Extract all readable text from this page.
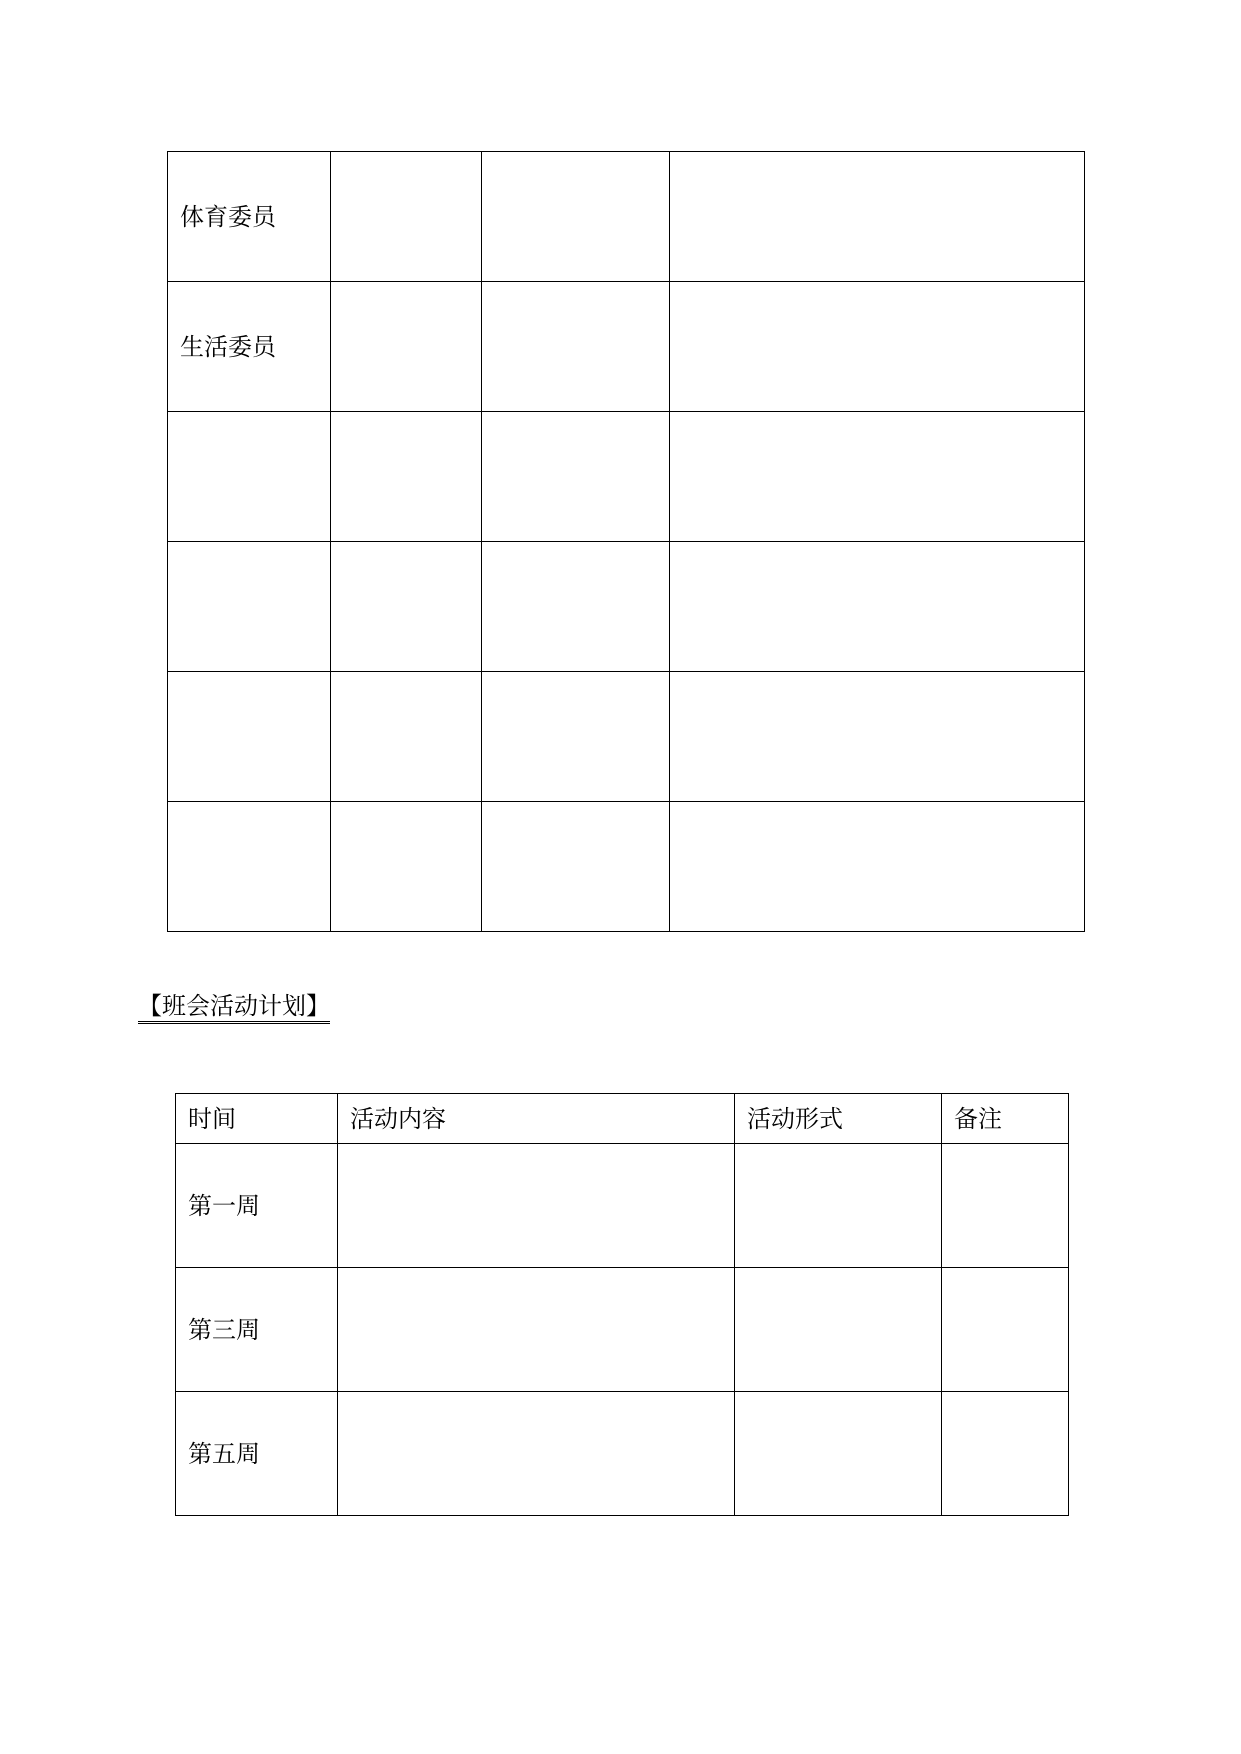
体育委员			
生活委员			

【班会活动计划】
时间	活动内容	活动形式	备注
第一周			
第三周			
第五周			
